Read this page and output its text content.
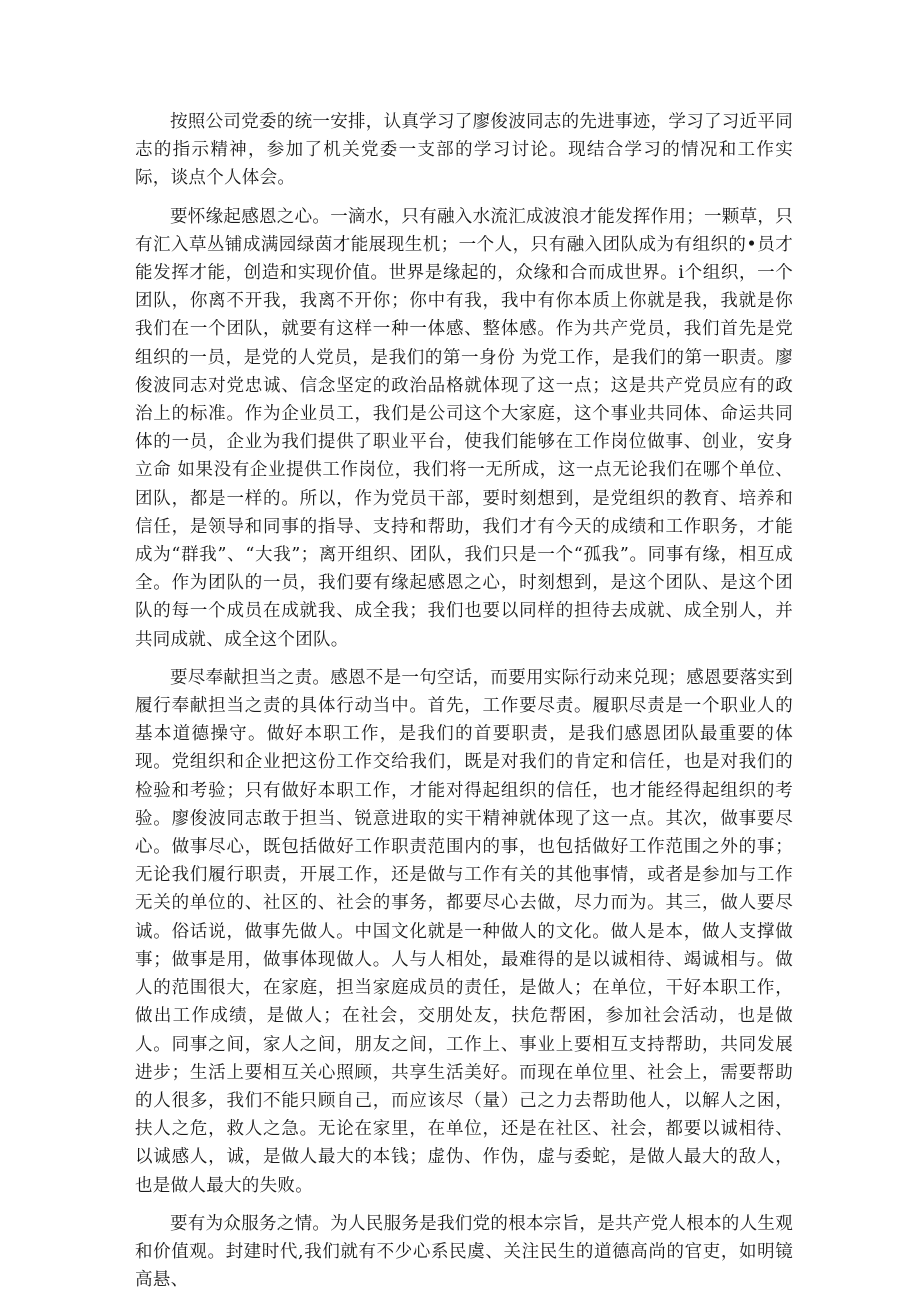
按照公司党委的统一安排，认真学习了廖俊波同志的先进事迹，学习了习近平同志的指示精神，参加了机关党委一支部的学习讨论。现结合学习的情况和工作实际，谈点个人体会。

要怀缘起感恩之心。一滴水，只有融入水流汇成波浪才能发挥作用；一颗草，只有汇入草丛铺成满园绿茵才能展现生机；一个人，只有融入团队成为有组织的•员才能发挥才能，创造和实现价值。世界是缘起的，众缘和合而成世界。i个组织，一个团队，你离不开我，我离不开你；你中有我，我中有你本质上你就是我，我就是你我们在一个团队，就要有这样一种一体感、整体感。作为共产党员，我们首先是党组织的一员，是党的人党员，是我们的第一身份 为党工作，是我们的第一职责。廖俊波同志对党忠诚、信念坚定的政治品格就体现了这一点；这是共产党员应有的政治上的标准。作为企业员工，我们是公司这个大家庭，这个事业共同体、命运共同体的一员，企业为我们提供了职业平台，使我们能够在工作岗位做事、创业，安身立命 如果没有企业提供工作岗位，我们将一无所成，这一点无论我们在哪个单位、团队，都是一样的。所以，作为党员干部，要时刻想到，是党组织的教育、培养和信任，是领导和同事的指导、支持和帮助，我们才有今天的成绩和工作职务，才能成为“群我”、“大我”；离开组织、团队，我们只是一个“孤我”。同事有缘，相互成全。作为团队的一员，我们要有缘起感恩之心，时刻想到，是这个团队、是这个团队的每一个成员在成就我、成全我；我们也要以同样的担待去成就、成全别人，并共同成就、成全这个团队。

要尽奉献担当之责。感恩不是一句空话，而要用实际行动来兑现；感恩要落实到履行奉献担当之责的具体行动当中。首先，工作要尽责。履职尽责是一个职业人的基本道德操守。做好本职工作，是我们的首要职责，是我们感恩团队最重要的体现。党组织和企业把这份工作交给我们，既是对我们的肯定和信任，也是对我们的检验和考验；只有做好本职工作，才能对得起组织的信任，也才能经得起组织的考验。廖俊波同志敢于担当、锐意进取的实干精神就体现了这一点。其次，做事要尽心。做事尽心，既包括做好工作职责范围内的事，也包括做好工作范围之外的事；无论我们履行职责，开展工作，还是做与工作有关的其他事情，或者是参加与工作无关的单位的、社区的、社会的事务，都要尽心去做，尽力而为。其三，做人要尽诚。俗话说，做事先做人。中国文化就是一种做人的文化。做人是本，做人支撑做事；做事是用，做事体现做人。人与人相处，最难得的是以诚相待、竭诚相与。做人的范围很大，在家庭，担当家庭成员的责任，是做人；在单位，干好本职工作，做出工作成绩，是做人；在社会，交朋处友，扶危帮困，参加社会活动，也是做人。同事之间，家人之间，朋友之间，工作上、事业上要相互支持帮助，共同发展进步；生活上要相互关心照顾，共享生活美好。而现在单位里、社会上，需要帮助的人很多，我们不能只顾自己，而应该尽（量）己之力去帮助他人，以解人之困，扶人之危，救人之急。无论在家里，在单位，还是在社区、社会，都要以诚相待、以诚感人，诚，是做人最大的本钱；虚伪、作伪，虚与委蛇，是做人最大的敌人，也是做人最大的失败。

要有为众服务之情。为人民服务是我们党的根本宗旨，是共产党人根本的人生观和价值观。封建时代,我们就有不少心系民虞、关注民生的道德高尚的官吏，如明镜高悬、
